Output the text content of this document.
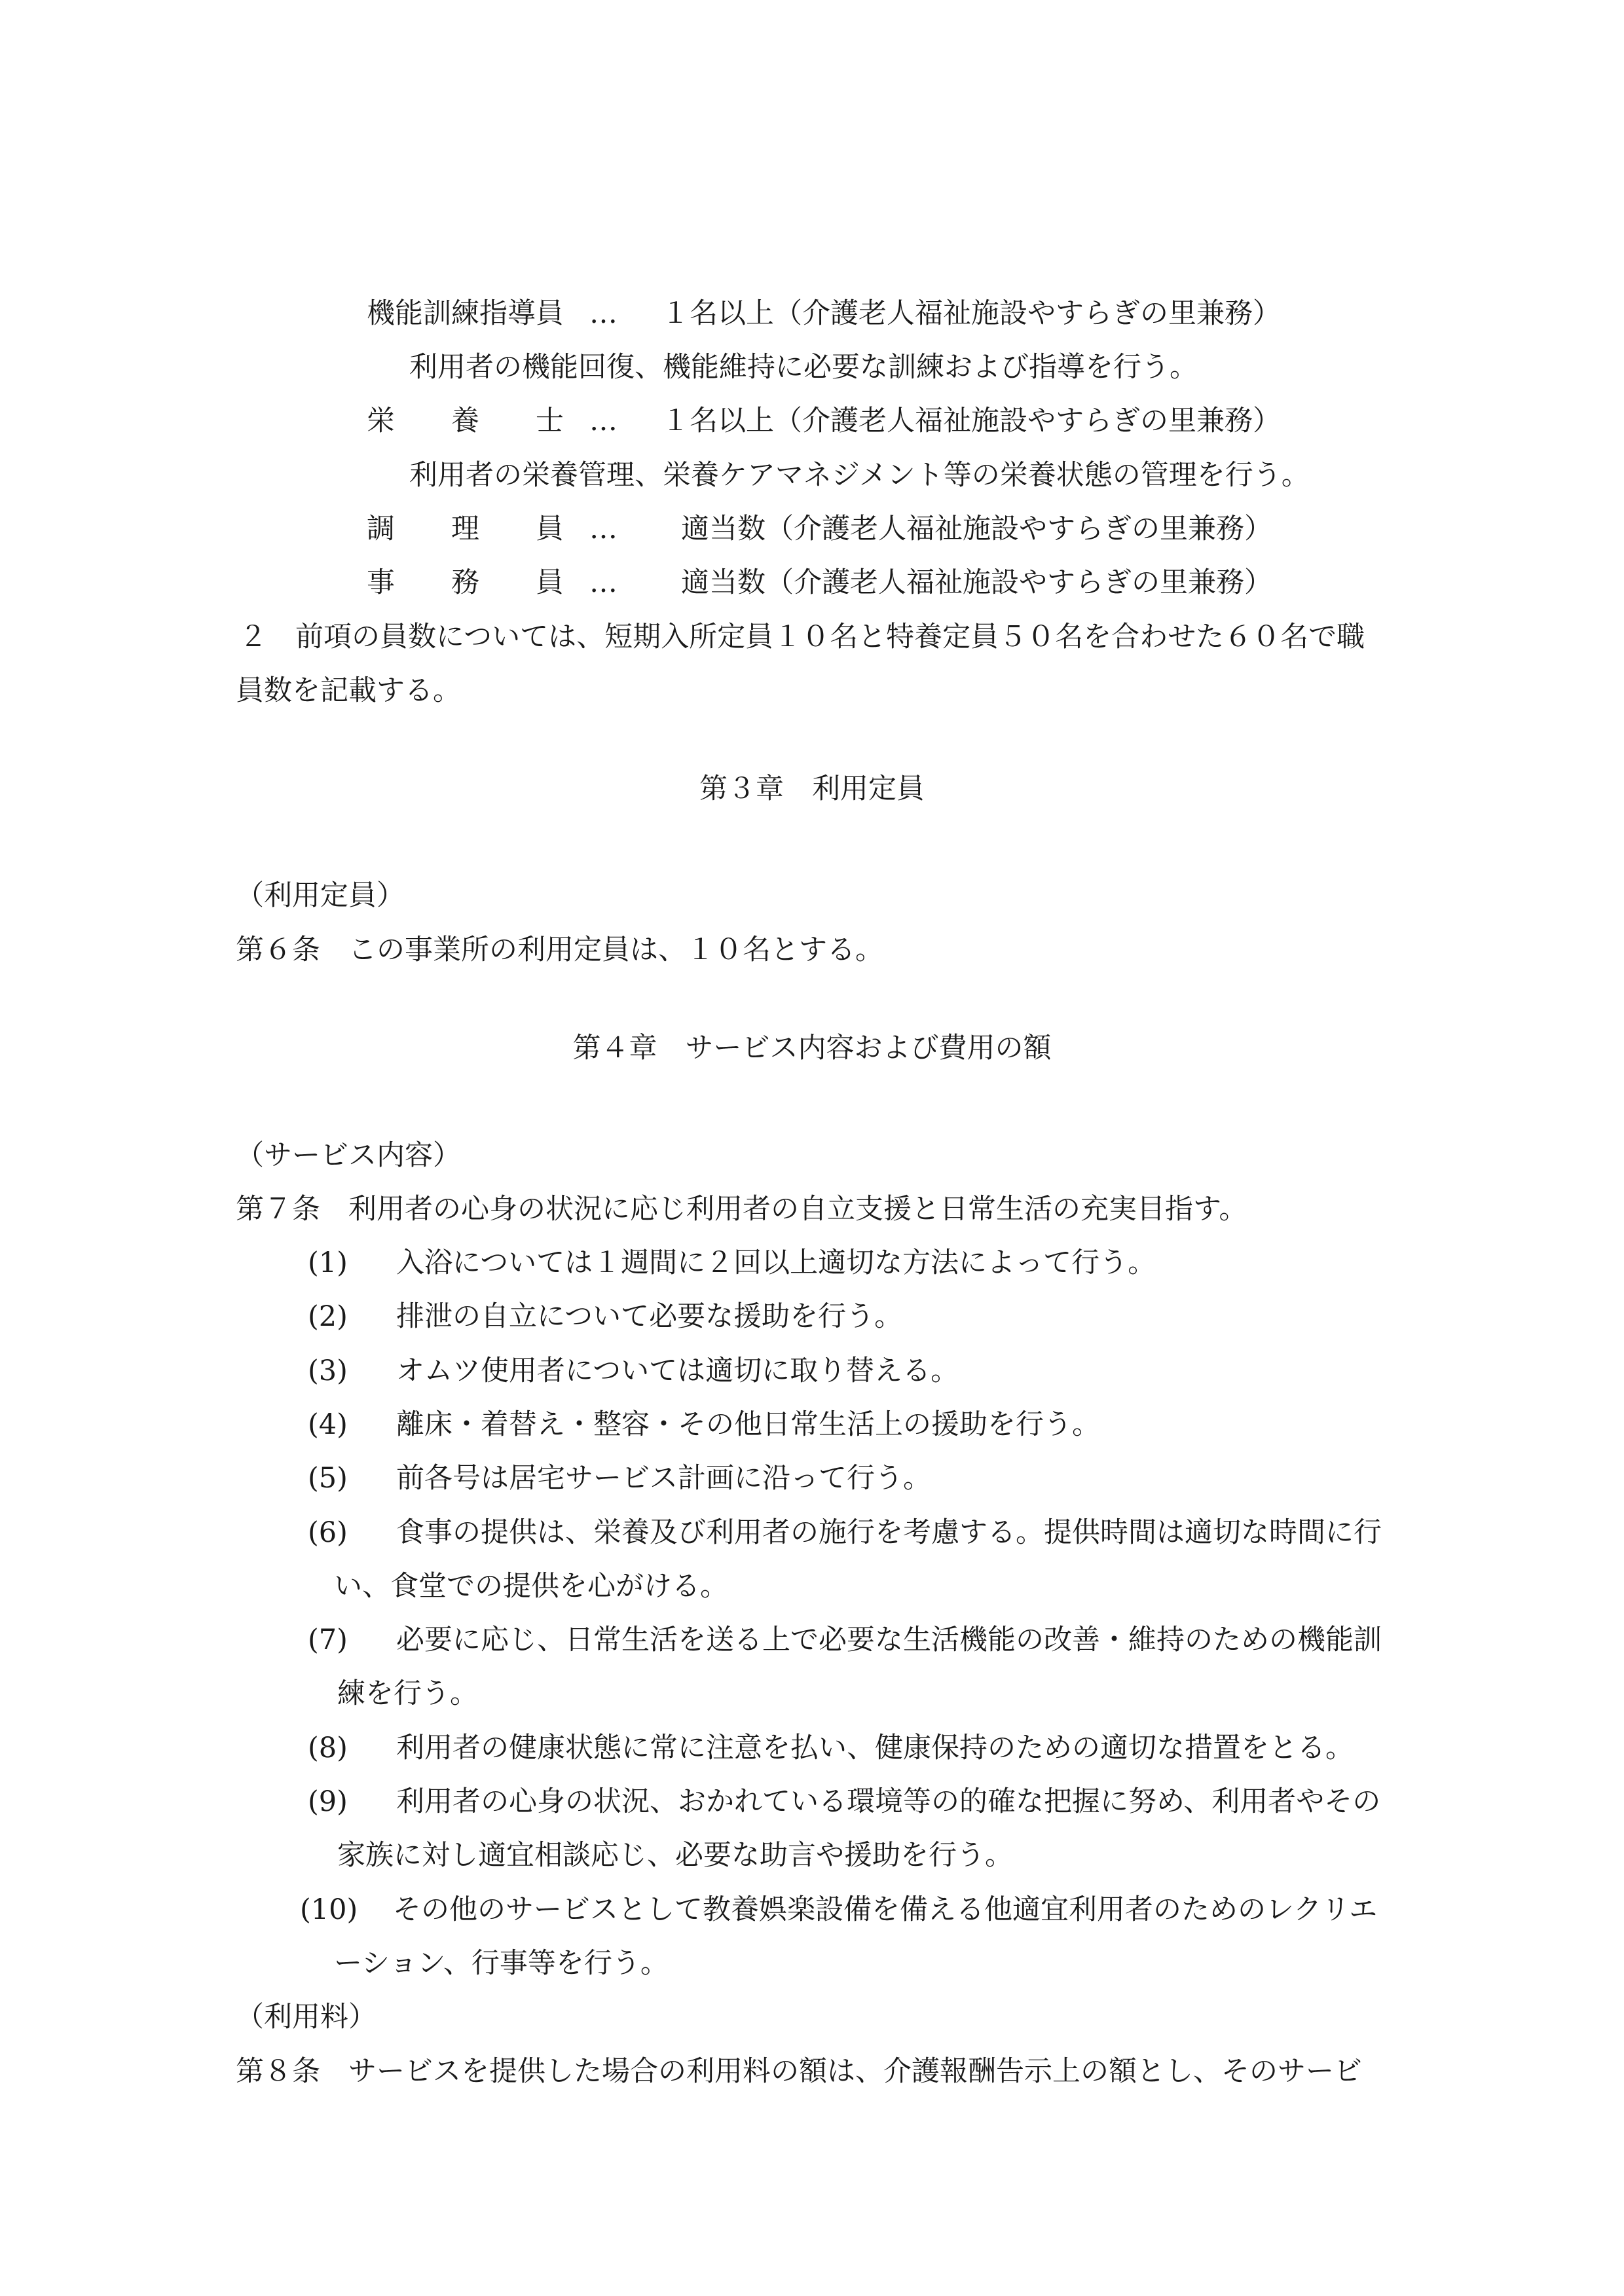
機能訓練指導員 … １名以上（介護老人福祉施設やすらぎの里兼務）
利用者の機能回復、機能維持に必要な訓練および指導を行う。
栄　　養　　士 … １名以上（介護老人福祉施設やすらぎの里兼務）
利用者の栄養管理、栄養ケアマネジメント等の栄養状態の管理を行う。
調　　理　　員 … 適当数（介護老人福祉施設やすらぎの里兼務）
事　　務　　員 … 適当数（介護老人福祉施設やすらぎの里兼務）
２　前項の員数については、短期入所定員１０名と特養定員５０名を合わせた６０名で職
員数を記載する。
第３章　利用定員
（利用定員）
第６条　この事業所の利用定員は、１０名とする。
第４章　サービス内容および費用の額
（サービス内容）
第７条　利用者の心身の状況に応じ利用者の自立支援と日常生活の充実目指す。
(1) 入浴については１週間に２回以上適切な方法によって行う。
(2) 排泄の自立について必要な援助を行う。
(3) オムツ使用者については適切に取り替える。
(4) 離床・着替え・整容・その他日常生活上の援助を行う。
(5) 前各号は居宅サービス計画に沿って行う。
(6) 食事の提供は、栄養及び利用者の施行を考慮する。提供時間は適切な時間に行
い、食堂での提供を心がける。
(7) 必要に応じ、日常生活を送る上で必要な生活機能の改善・維持のための機能訓
練を行う。
(8) 利用者の健康状態に常に注意を払い、健康保持のための適切な措置をとる。
(9) 利用者の心身の状況、おかれている環境等の的確な把握に努め、利用者やその
家族に対し適宜相談応じ、必要な助言や援助を行う。
(10) その他のサービスとして教養娯楽設備を備える他適宜利用者のためのレクリエ
ーション、行事等を行う。
（利用料）
第８条　サービスを提供した場合の利用料の額は、介護報酬告示上の額とし、そのサービ
